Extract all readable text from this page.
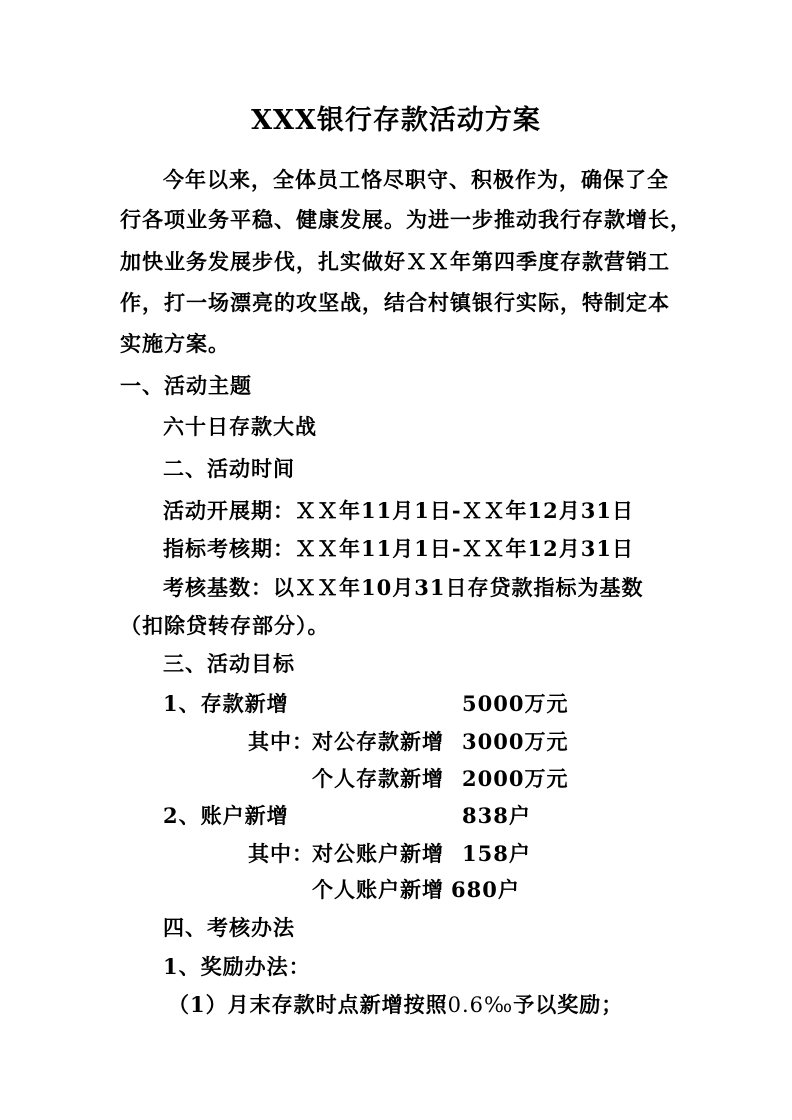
XXX银行存款活动方案
今年以来，全体员工恪尽职守、积极作为，确保了全
行各项业务平稳、健康发展。为进一步推动我行存款增长，
加快业务发展步伐，扎实做好ＸＸ年第四季度存款营销工
作，打一场漂亮的攻坚战，结合村镇银行实际，特制定本
实施方案。
一、活动主题
六十日存款大战
二、活动时间
活动开展期：ＸＸ年11月1日-ＸＸ年12月31日
指标考核期：ＸＸ年11月1日-ＸＸ年12月31日
考核基数：以ＸＸ年10月31日存贷款指标为基数
（扣除贷转存部分）。
三、活动目标
1、存款新增	5000万元
其中：
对公存款新增 3000万元
个人存款新增 2000万元
2、账户新增	838户
其中：
对公账户新增 158户
个人账户新增 680户
四、考核办法
1、奖励办法：
（1）月末存款时点新增按照0.6‰予以奖励；
